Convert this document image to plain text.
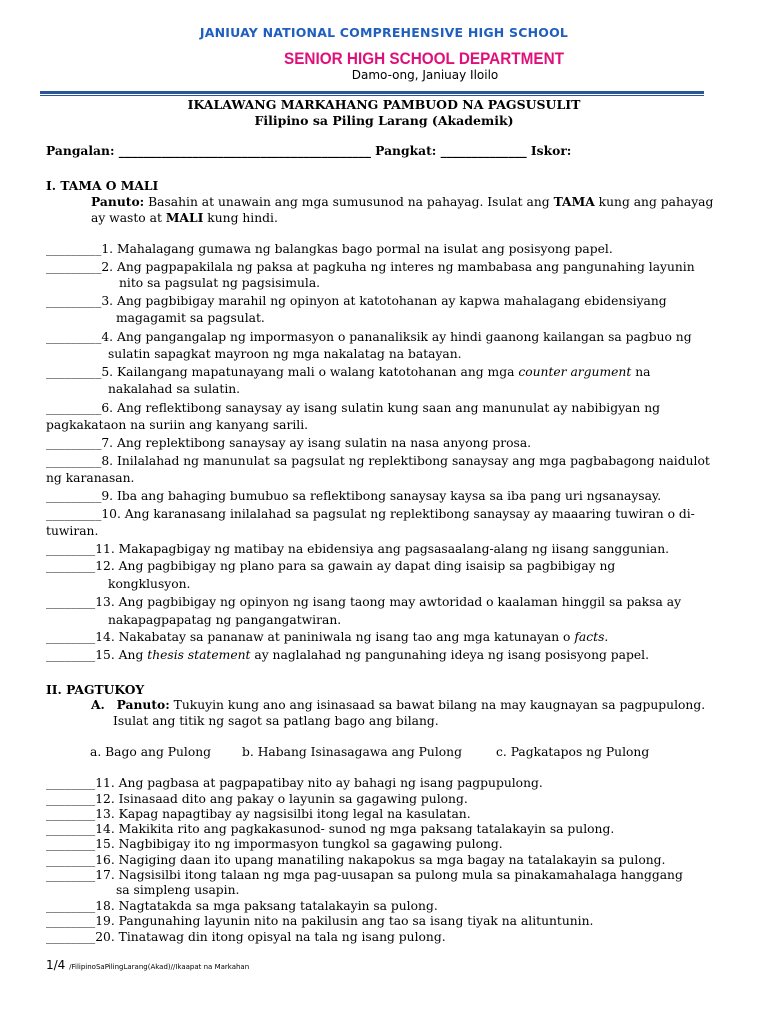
JANIUAY NATIONAL COMPREHENSIVE HIGH SCHOOL
SENIOR HIGH SCHOOL DEPARTMENT
Damo-ong, Janiuay Iloilo
IKALAWANG MARKAHANG PAMBUOD NA PAGSUSULIT
Filipino sa Piling Larang (Akademik)
Pangalan: _________________________________________ Pangkat: ______________ Iskor:
I. TAMA O MALI
Panuto: Basahin at unawain ang mga sumusunod na pahayag. Isulat ang TAMA kung ang pahayag
ay wasto at MALI kung hindi.
_________1. Mahalagang gumawa ng balangkas bago pormal na isulat ang posisyong papel.
_________2. Ang pagpapakilala ng paksa at pagkuha ng interes ng mambabasa ang pangunahing layunin
nito sa pagsulat ng pagsisimula.
_________3. Ang pagbibigay marahil ng opinyon at katotohanan ay kapwa mahalagang ebidensiyang
magagamit sa pagsulat.
_________4. Ang pangangalap ng impormasyon o pananaliksik ay hindi gaanong kailangan sa pagbuo ng
sulatin sapagkat mayroon ng mga nakalatag na batayan.
_________5. Kailangang mapatunayang mali o walang katotohanan ang mga counter argument na
nakalahad sa sulatin.
_________6. Ang reflektibong sanaysay ay isang sulatin kung saan ang manunulat ay nabibigyan ng
pagkakataon na suriin ang kanyang sarili.
_________7. Ang replektibong sanaysay ay isang sulatin na nasa anyong prosa.
_________8. Inilalahad ng manunulat sa pagsulat ng replektibong sanaysay ang mga pagbabagong naidulot
ng karanasan.
_________9. Iba ang bahaging bumubuo sa reflektibong sanaysay kaysa sa iba pang uri ngsanaysay.
_________10. Ang karanasang inilalahad sa pagsulat ng replektibong sanaysay ay maaaring tuwiran o di-
tuwiran.
________11. Makapagbigay ng matibay na ebidensiya ang pagsasaalang-alang ng iisang sanggunian.
________12. Ang pagbibigay ng plano para sa gawain ay dapat ding isaisip sa pagbibigay ng
kongklusyon.
________13. Ang pagbibigay ng opinyon ng isang taong may awtoridad o kaalaman hinggil sa paksa ay
nakapagpapatag ng pangangatwiran.
________14. Nakabatay sa pananaw at paniniwala ng isang tao ang mga katunayan o facts.
________15. Ang thesis statement ay naglalahad ng pangunahing ideya ng isang posisyong papel.
II. PAGTUKOY
A. Panuto: Tukuyin kung ano ang isinasaad sa bawat bilang na may kaugnayan sa pagpupulong.
Isulat ang titik ng sagot sa patlang bago ang bilang.
a. Bago ang Pulong	b. Habang Isinasagawa ang Pulong	c. Pagkatapos ng Pulong
________11. Ang pagbasa at pagpapatibay nito ay bahagi ng isang pagpupulong.
________12. Isinasaad dito ang pakay o layunin sa gagawing pulong.
________13. Kapag napagtibay ay nagsisilbi itong legal na kasulatan.
________14. Makikita rito ang pagkakasunod- sunod ng mga paksang tatalakayin sa pulong.
________15. Nagbibigay ito ng impormasyon tungkol sa gagawing pulong.
________16. Nagiging daan ito upang manatiling nakapokus sa mga bagay na tatalakayin sa pulong.
________17. Nagsisilbi itong talaan ng mga pag-uusapan sa pulong mula sa pinakamahalaga hanggang
sa simpleng usapin.
________18. Nagtatakda sa mga paksang tatalakayin sa pulong.
________19. Pangunahing layunin nito na pakilusin ang tao sa isang tiyak na alituntunin.
________20. Tinatawag din itong opisyal na tala ng isang pulong.
1/4 /FilipinoSaPilingLarang(Akad)//Ikaapat na Markahan
